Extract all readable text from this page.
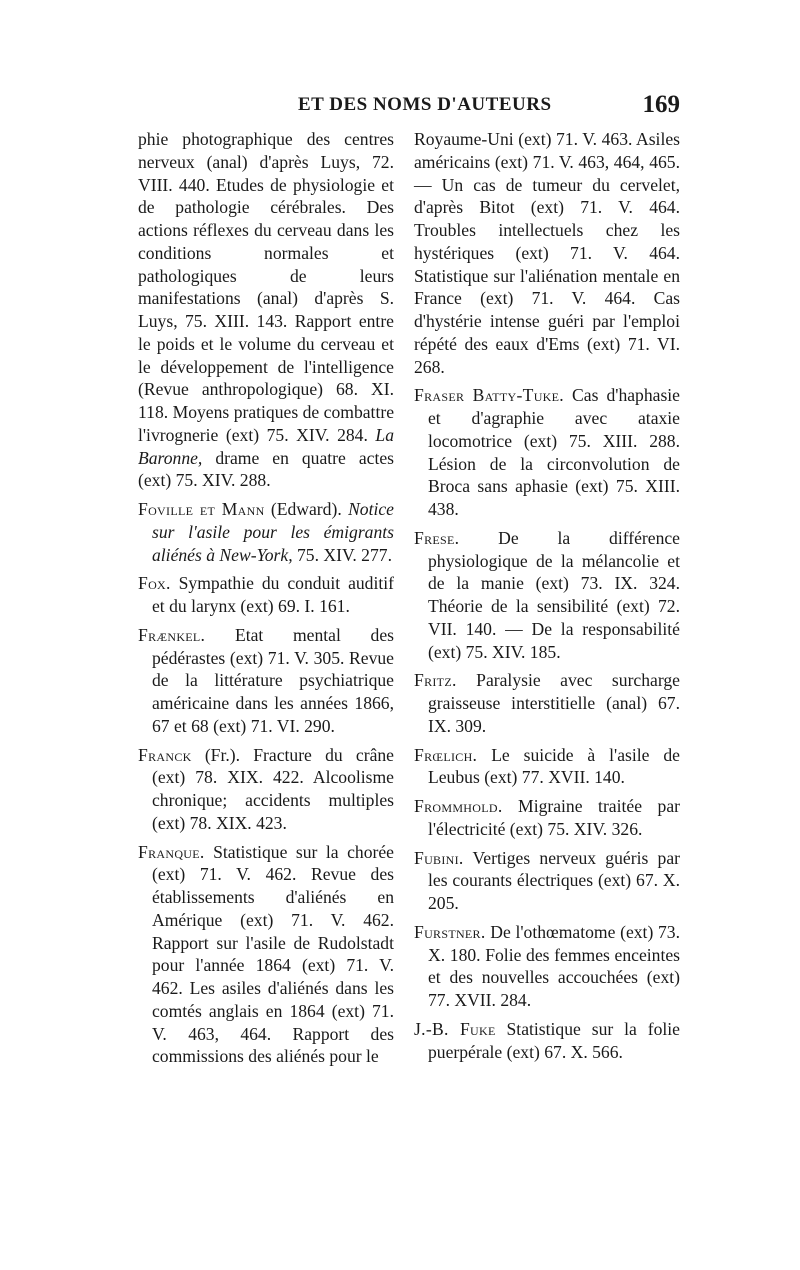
ET DES NOMS D'AUTEURS	169

phie photographique des centres nerveux (anal) d'après Luys, 72. VIII. 440. Etudes de physiologie et de pathologie cérébrales. Des actions réflexes du cerveau dans les conditions normales et pathologiques de leurs manifestations (anal) d'après S. Luys, 75. XIII. 143. Rapport entre le poids et le volume du cerveau et le développement de l'intelligence (Revue anthropologique) 68. XI. 118. Moyens pratiques de combattre l'ivrognerie (ext) 75. XIV. 284. La Baronne, drame en quatre actes (ext) 75. XIV. 288.

Foville et Mann (Edward). Notice sur l'asile pour les émigrants aliénés à New-York, 75. XIV. 277.

Fox. Sympathie du conduit auditif et du larynx (ext) 69. I. 161.

Frænkel. Etat mental des pédérastes (ext) 71. V. 305. Revue de la littérature psychiatrique américaine dans les années 1866, 67 et 68 (ext) 71. VI. 290.

Franck (Fr.). Fracture du crâne (ext) 78. XIX. 422. Alcoolisme chronique; accidents multiples (ext) 78. XIX. 423.

Franque. Statistique sur la chorée (ext) 71. V. 462. Revue des établissements d'aliénés en Amérique (ext) 71. V. 462. Rapport sur l'asile de Rudolstadt pour l'année 1864 (ext) 71. V. 462. Les asiles d'aliénés dans les comtés anglais en 1864 (ext) 71. V. 463, 464. Rapport des commissions des aliénés pour le

Royaume-Uni (ext) 71. V. 463. Asiles américains (ext) 71. V. 463, 464, 465. — Un cas de tumeur du cervelet, d'après Bitot (ext) 71. V. 464. Troubles intellectuels chez les hystériques (ext) 71. V. 464. Statistique sur l'aliénation mentale en France (ext) 71. V. 464. Cas d'hystérie intense guéri par l'emploi répété des eaux d'Ems (ext) 71. VI. 268.

Fraser Batty-Tuke. Cas d'haphasie et d'agraphie avec ataxie locomotrice (ext) 75. XIII. 288. Lésion de la circonvolution de Broca sans aphasie (ext) 75. XIII. 438.

Frese. De la différence physiologique de la mélancolie et de la manie (ext) 73. IX. 324. Théorie de la sensibilité (ext) 72. VII. 140. — De la responsabilité (ext) 75. XIV. 185.

Fritz. Paralysie avec surcharge graisseuse interstitielle (anal) 67. IX. 309.

Frœlich. Le suicide à l'asile de Leubus (ext) 77. XVII. 140.

Frommhold. Migraine traitée par l'électricité (ext) 75. XIV. 326.

Fubini. Vertiges nerveux guéris par les courants électriques (ext) 67. X. 205.

Furstner. De l'othœmatome (ext) 73. X. 180. Folie des femmes enceintes et des nouvelles accouchées (ext) 77. XVII. 284.

J.-B. Fuke Statistique sur la folie puerpérale (ext) 67. X. 566.
